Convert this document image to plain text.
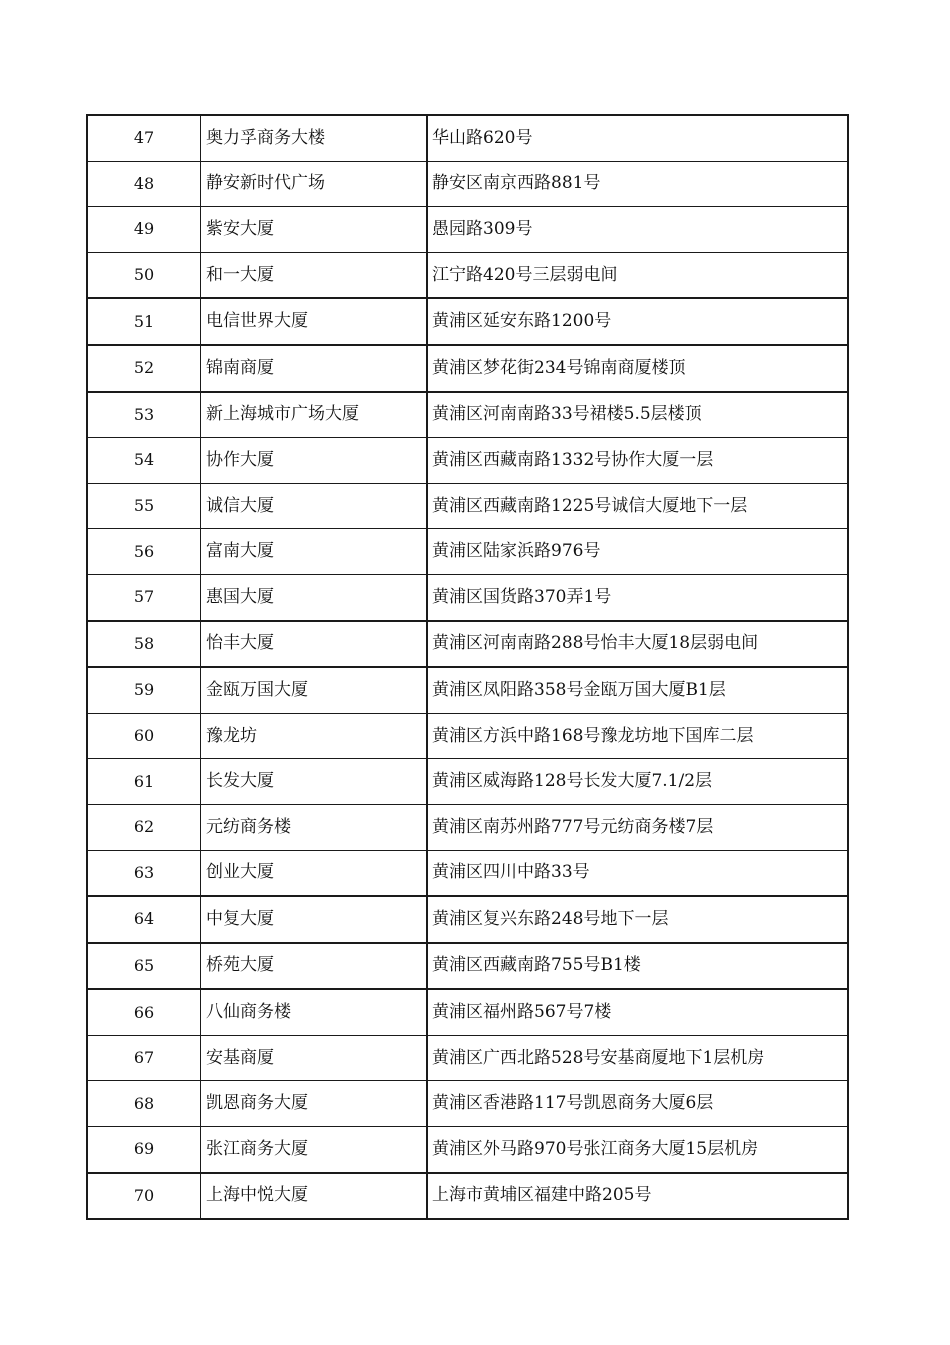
47	奥力孚商务大楼	华山路620号
48	静安新时代广场	静安区南京西路881号
49	紫安大厦	愚园路309号
50	和一大厦	江宁路420号三层弱电间
51	电信世界大厦	黄浦区延安东路1200号
52	锦南商厦	黄浦区梦花街234号锦南商厦楼顶
53	新上海城市广场大厦	黄浦区河南南路33号裙楼5.5层楼顶
54	协作大厦	黄浦区西藏南路1332号协作大厦一层
55	诚信大厦	黄浦区西藏南路1225号诚信大厦地下一层
56	富南大厦	黄浦区陆家浜路976号
57	惠国大厦	黄浦区国货路370弄1号
58	怡丰大厦	黄浦区河南南路288号怡丰大厦18层弱电间
59	金瓯万国大厦	黄浦区凤阳路358号金瓯万国大厦B1层
60	豫龙坊	黄浦区方浜中路168号豫龙坊地下国库二层
61	长发大厦	黄浦区威海路128号长发大厦7.1/2层
62	元纺商务楼	黄浦区南苏州路777号元纺商务楼7层
63	创业大厦	黄浦区四川中路33号
64	中复大厦	黄浦区复兴东路248号地下一层
65	桥苑大厦	黄浦区西藏南路755号B1楼
66	八仙商务楼	黄浦区福州路567号7楼
67	安基商厦	黄浦区广西北路528号安基商厦地下1层机房
68	凯恩商务大厦	黄浦区香港路117号凯恩商务大厦6层
69	张江商务大厦	黄浦区外马路970号张江商务大厦15层机房
70	上海中悦大厦	上海市黄埔区福建中路205号
